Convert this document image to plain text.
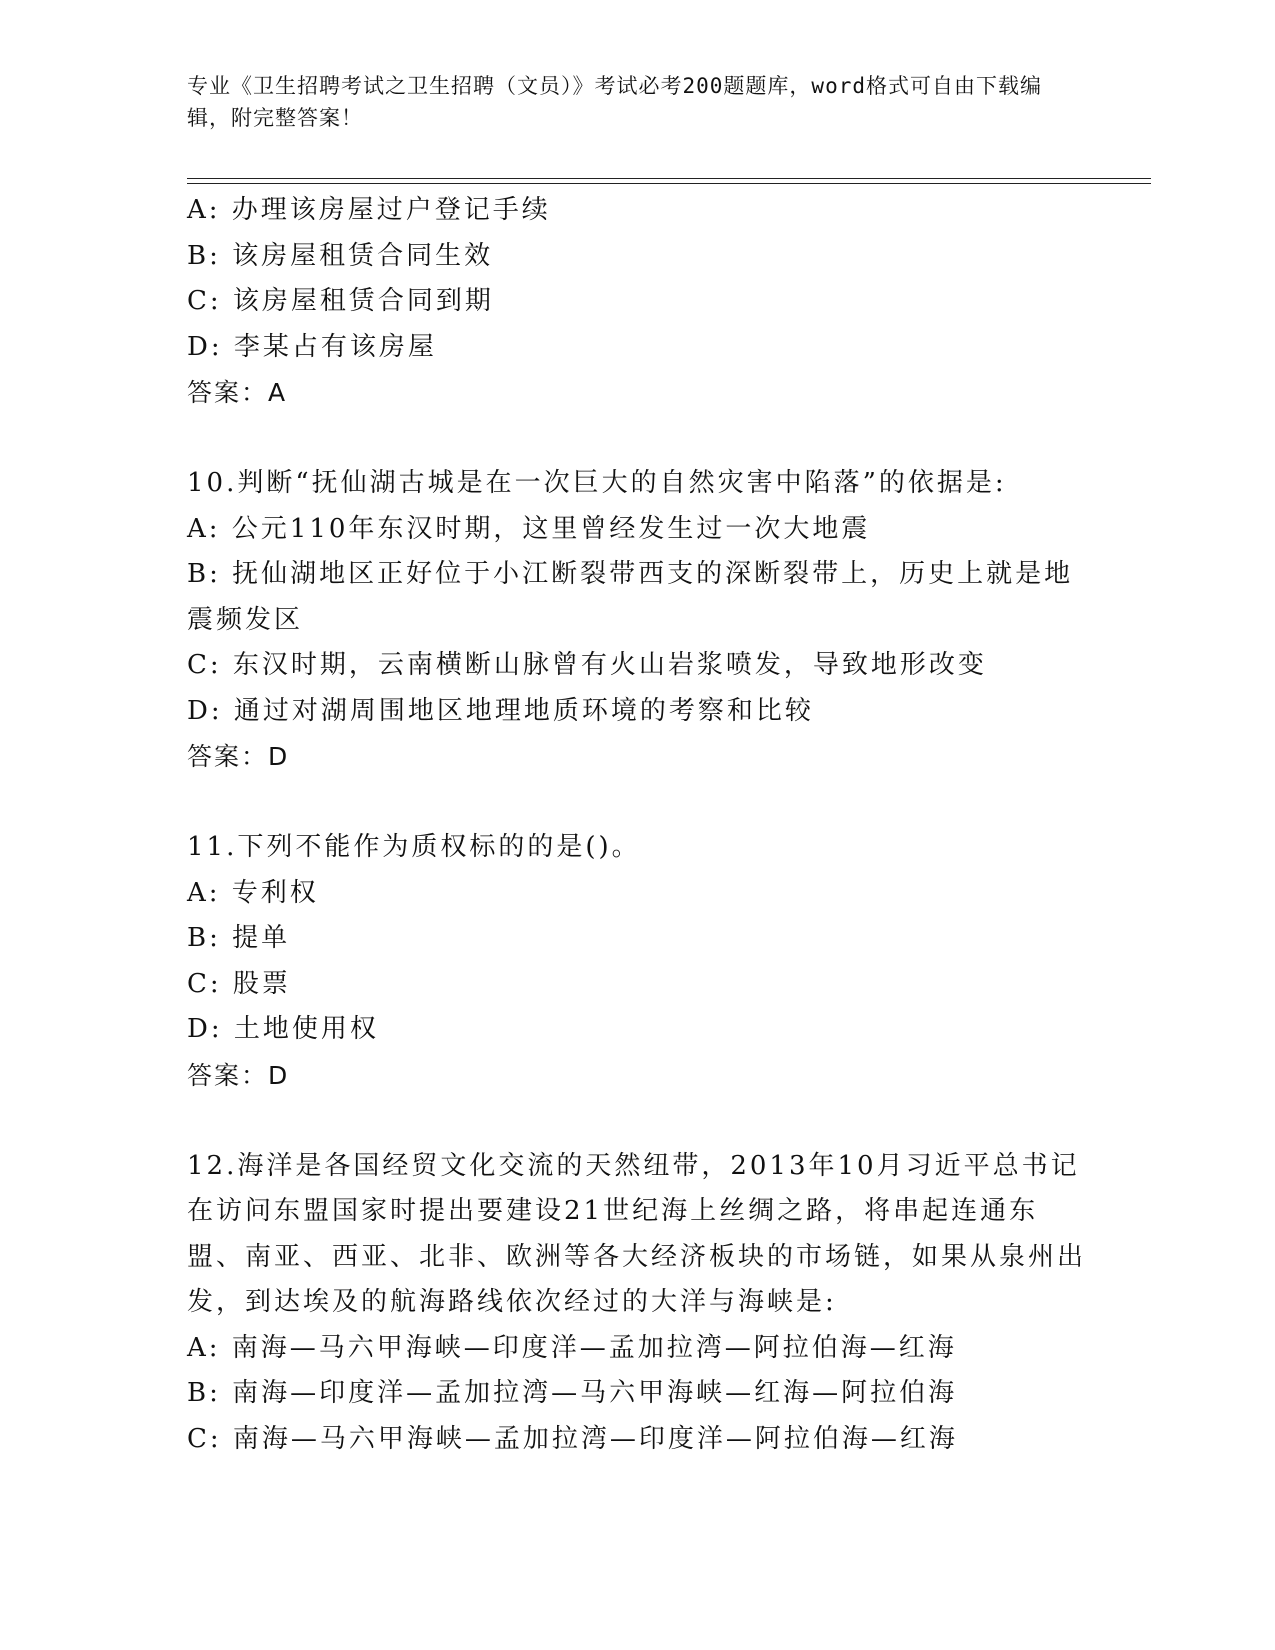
专业《卫生招聘考试之卫生招聘（文员）》考试必考200题题库，word格式可自由下载编辑，附完整答案！
A: 办理该房屋过户登记手续
B: 该房屋租赁合同生效
C: 该房屋租赁合同到期
D: 李某占有该房屋
答案：A
10.判断“抚仙湖古城是在一次巨大的自然灾害中陷落”的依据是:
A: 公元110年东汉时期，这里曾经发生过一次大地震
B: 抚仙湖地区正好位于小江断裂带西支的深断裂带上，历史上就是地震频发区
C: 东汉时期，云南横断山脉曾有火山岩浆喷发，导致地形改变
D: 通过对湖周围地区地理地质环境的考察和比较
答案：D
11.下列不能作为质权标的的是()。
A: 专利权
B: 提单
C: 股票
D: 土地使用权
答案：D
12.海洋是各国经贸文化交流的天然纽带，2013年10月习近平总书记在访问东盟国家时提出要建设21世纪海上丝绸之路，将串起连通东盟、南亚、西亚、北非、欧洲等各大经济板块的市场链，如果从泉州出发，到达埃及的航海路线依次经过的大洋与海峡是:
A: 南海—马六甲海峡—印度洋—孟加拉湾—阿拉伯海—红海
B: 南海—印度洋—孟加拉湾—马六甲海峡—红海—阿拉伯海
C: 南海—马六甲海峡—孟加拉湾—印度洋—阿拉伯海—红海
